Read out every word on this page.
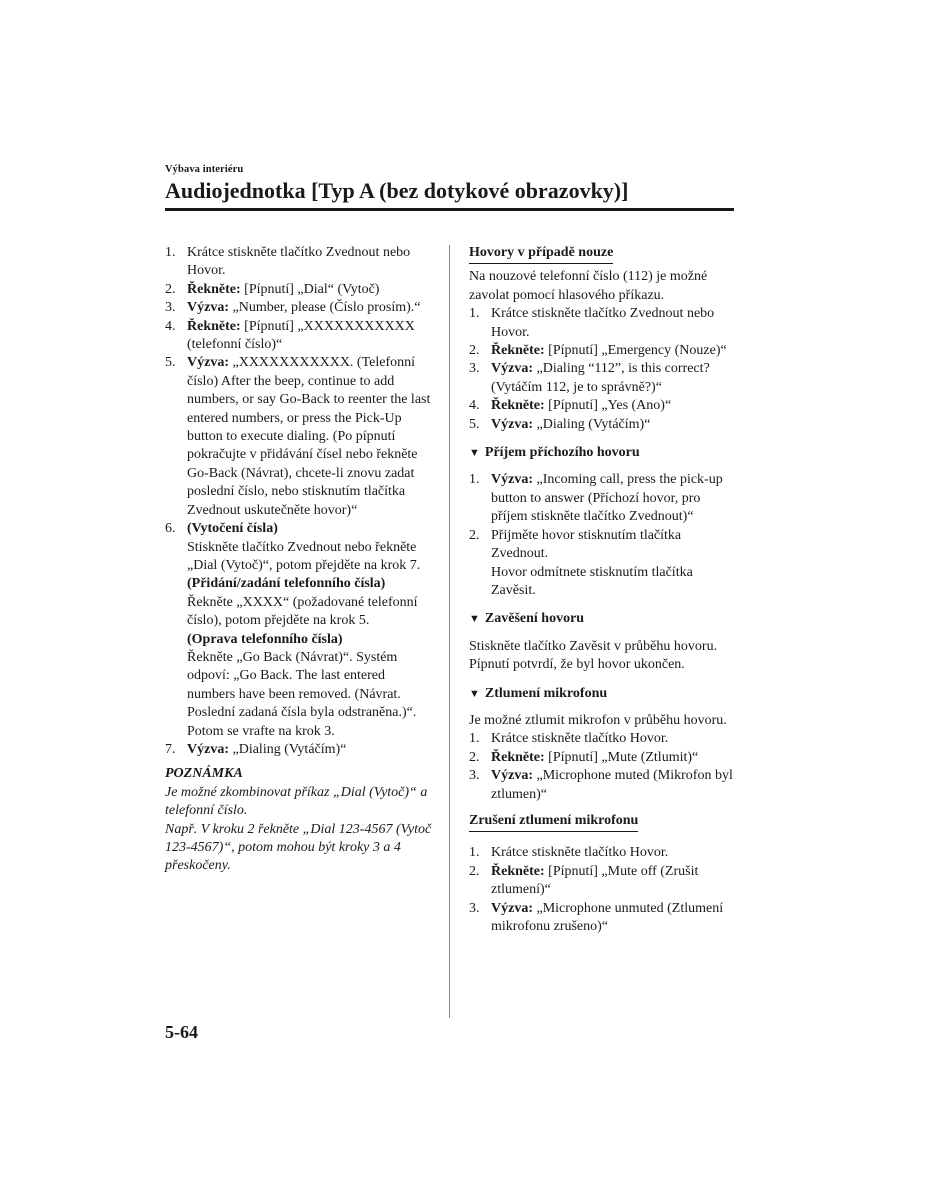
Výbava interiéru
Audiojednotka [Typ A (bez dotykové obrazovky)]
1. Krátce stiskněte tlačítko Zvednout nebo Hovor.
2. Řekněte: [Pípnutí] „Dial“ (Vytoč)
3. Výzva: „Number, please (Číslo prosím).“
4. Řekněte: [Pípnutí] „XXXXXXXXXXX (telefonní číslo)“
5. Výzva: „XXXXXXXXXXX. (Telefonní číslo) After the beep, continue to add numbers, or say Go-Back to reenter the last entered numbers, or press the Pick-Up button to execute dialing. (Po pípnutí pokračujte v přidávání čísel nebo řekněte Go-Back (Návrat), chcete-li znovu zadat poslední číslo, nebo stisknutím tlačítka Zvednout uskutečněte hovor)“
6. (Vytočení čísla)
Stiskněte tlačítko Zvednout nebo řekněte „Dial (Vytoč)“, potom přejděte na krok 7.
(Přidání/zadání telefonního čísla)
Řekněte „XXXX“ (požadované telefonní číslo), potom přejděte na krok 5.
(Oprava telefonního čísla)
Řekněte „Go Back (Návrat)“. Systém odpoví: „Go Back. The last entered numbers have been removed. (Návrat. Poslední zadaná čísla byla odstraněna.)“. Potom se vrafte na krok 3.
7. Výzva: „Dialing (Vytáčím)“
POZNÁMKA
Je možné zkombinovat příkaz „Dial (Vytoč)“ a telefonní číslo.
Např. V kroku 2 řekněte „Dial 123-4567 (Vytoč 123-4567)“, potom mohou být kroky 3 a 4 přeskočeny.
Hovory v případě nouze
Na nouzové telefonní číslo (112) je možné zavolat pomocí hlasového příkazu.
1. Krátce stiskněte tlačítko Zvednout nebo Hovor.
2. Řekněte: [Pípnutí] „Emergency (Nouze)“
3. Výzva: „Dialing “112”, is this correct? (Vytáčím 112, je to správně?)“
4. Řekněte: [Pípnutí] „Yes (Ano)“
5. Výzva: „Dialing (Vytáčím)“
▼ Příjem příchozího hovoru
1. Výzva: „Incoming call, press the pick-up button to answer (Příchozí hovor, pro příjem stiskněte tlačítko Zvednout)“
2. Přijměte hovor stisknutím tlačítka Zvednout.
Hovor odmítnete stisknutím tlačítka Zavěsit.
▼ Zavěšení hovoru
Stiskněte tlačítko Zavěsit v průběhu hovoru. Pípnutí potvrdí, že byl hovor ukončen.
▼ Ztlumení mikrofonu
Je možné ztlumit mikrofon v průběhu hovoru.
1. Krátce stiskněte tlačítko Hovor.
2. Řekněte: [Pípnutí] „Mute (Ztlumit)“
3. Výzva: „Microphone muted (Mikrofon byl ztlumen)“
Zrušení ztlumení mikrofonu
1. Krátce stiskněte tlačítko Hovor.
2. Řekněte: [Pípnutí] „Mute off (Zrušit ztlumení)“
3. Výzva: „Microphone unmuted (Ztlumení mikrofonu zrušeno)“
5-64
